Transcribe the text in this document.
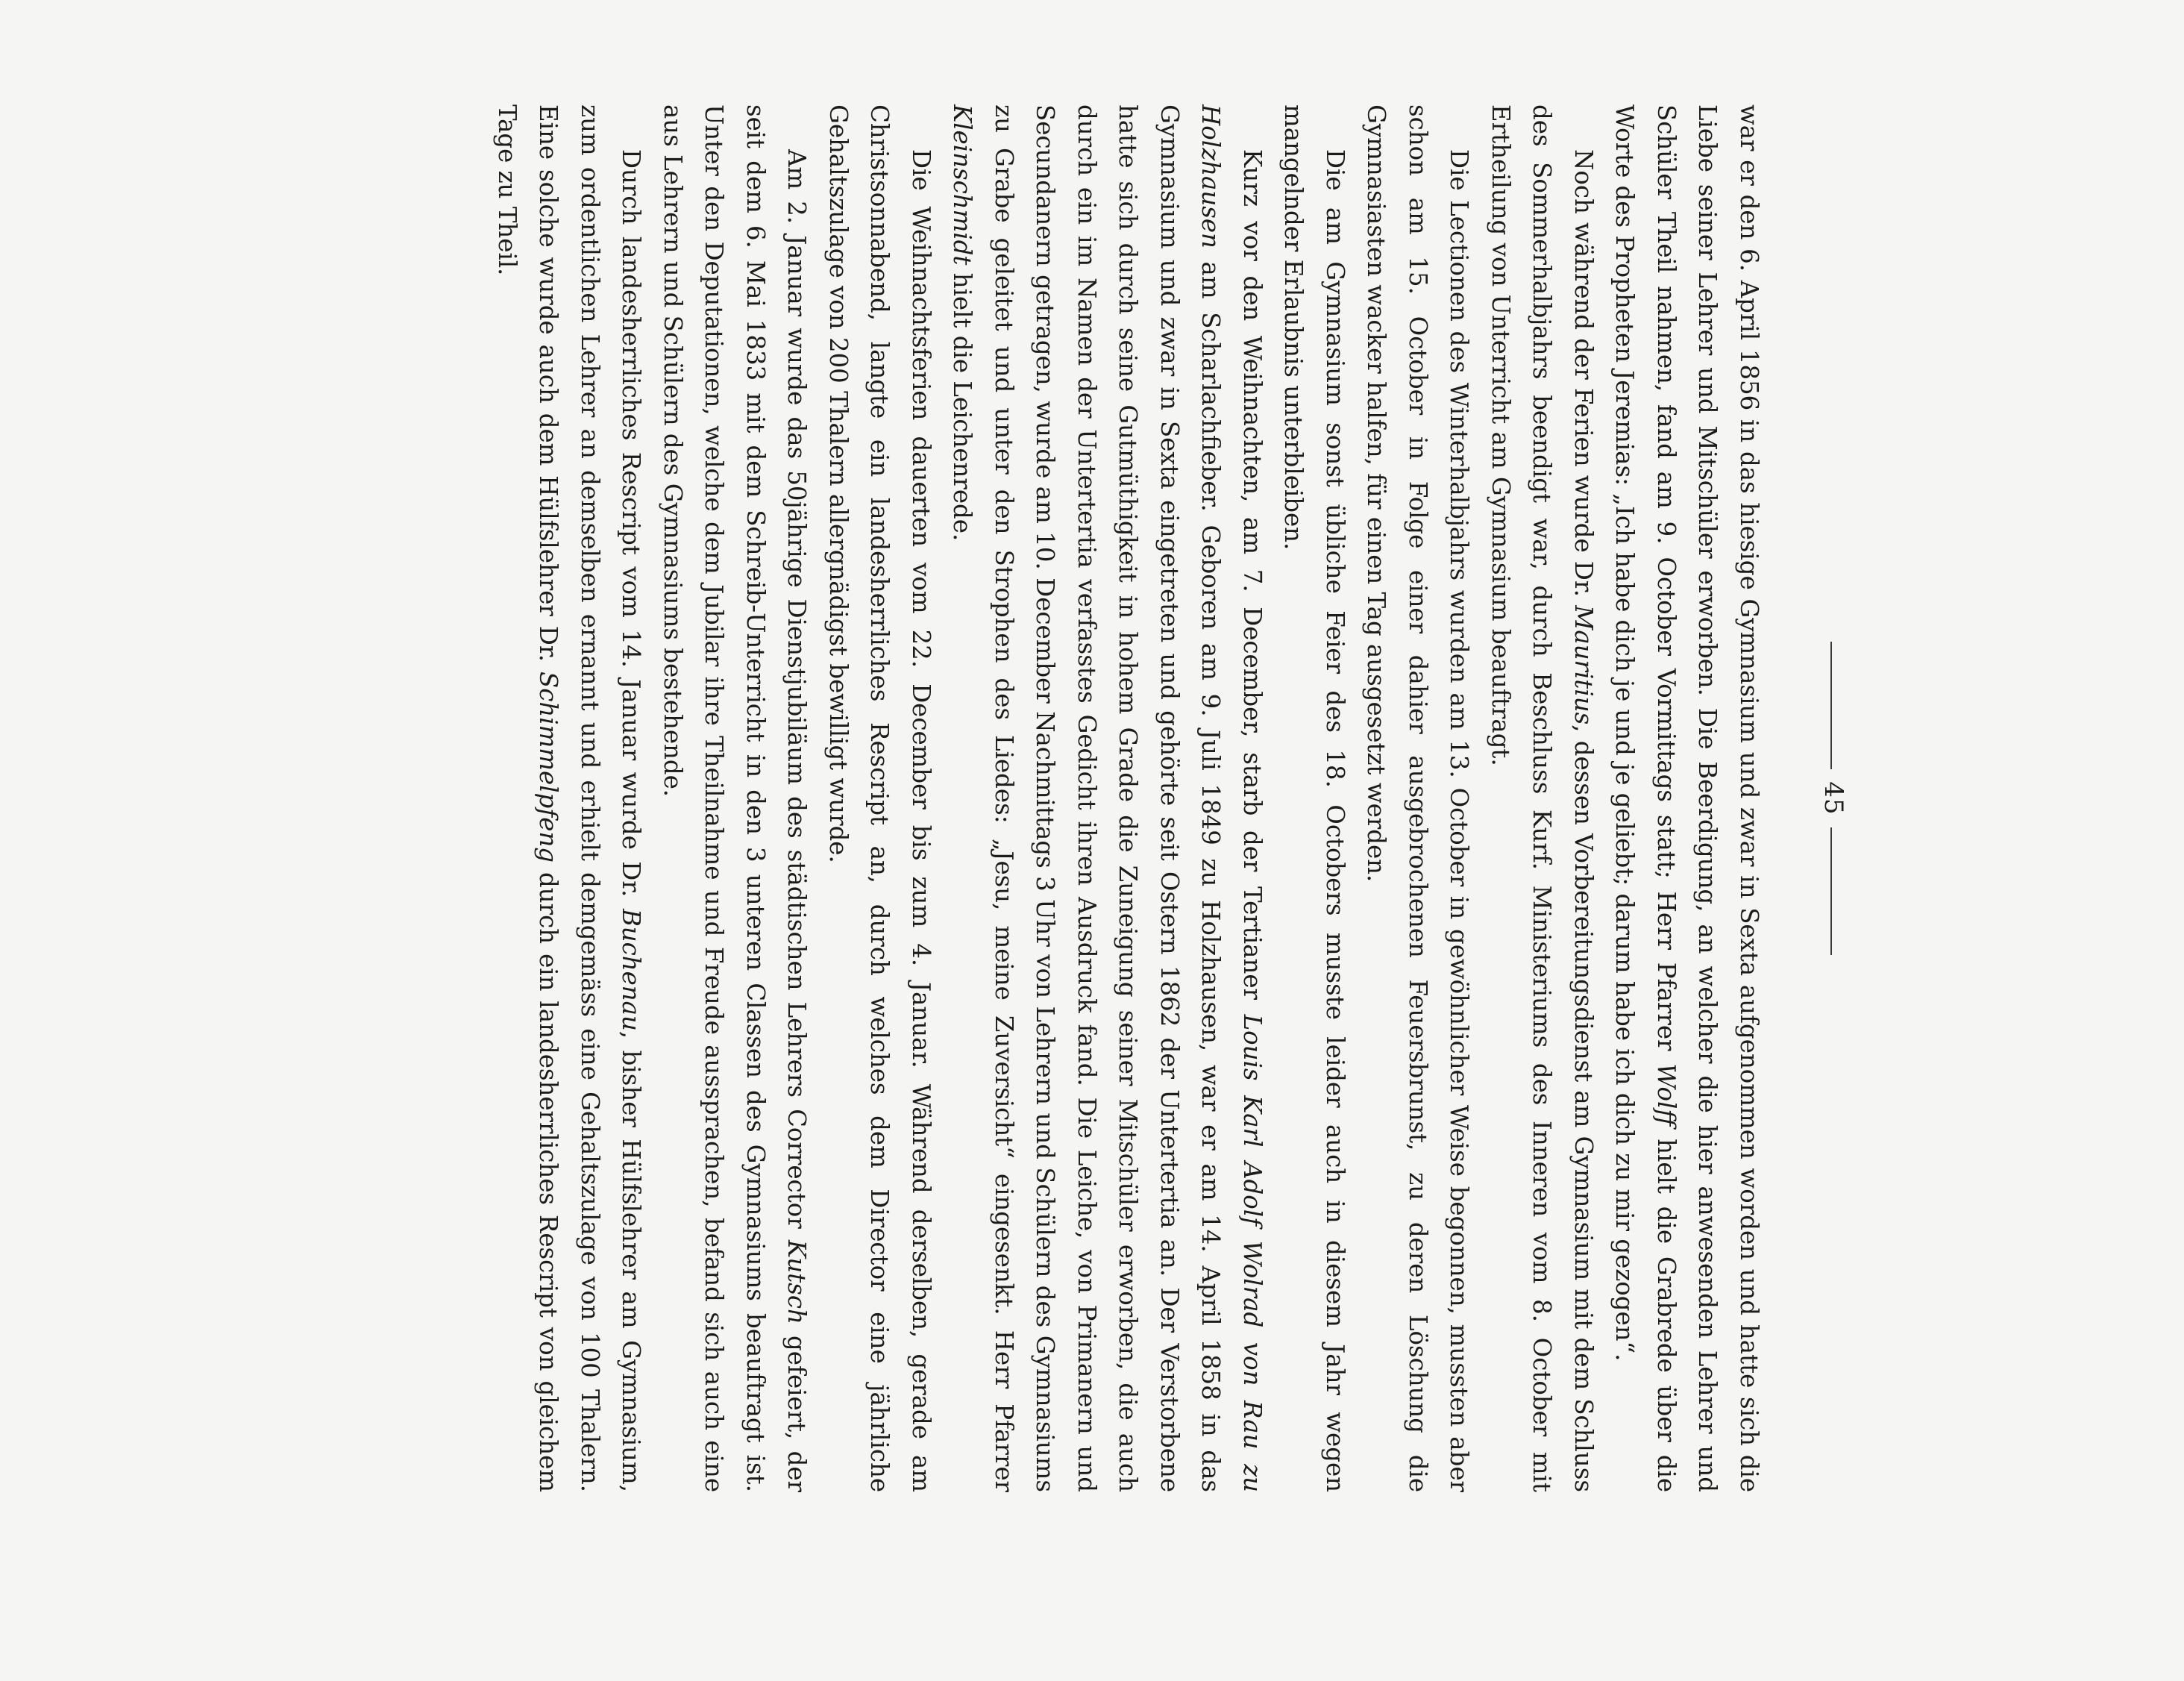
45

war er den 6. April 1856 in das hiesige Gymnasium und zwar in Sexta aufgenommen worden und hatte sich die Liebe seiner Lehrer und Mitschüler erworben. Die Beerdigung, an welcher die hier anwesenden Lehrer und Schüler Theil nahmen, fand am 9. October Vormittags statt; Herr Pfarrer Wolff hielt die Grabrede über die Worte des Propheten Jeremias: „Ich habe dich je und je geliebt; darum habe ich dich zu mir gezogen“.

Noch während der Ferien wurde Dr. Mauritius, dessen Vorbereitungsdienst am Gymnasium mit dem Schluss des Sommerhalbjahrs beendigt war, durch Beschluss Kurf. Ministeriums des Inneren vom 8. October mit Ertheilung von Unterricht am Gymnasium beauftragt.

Die Lectionen des Winterhalbjahrs wurden am 13. October in gewöhnlicher Weise begonnen, mussten aber schon am 15. October in Folge einer dahier ausgebrochenen Feuersbrunst, zu deren Löschung die Gymnasiasten wacker halfen, für einen Tag ausgesetzt werden.

Die am Gymnasium sonst übliche Feier des 18. Octobers musste leider auch in diesem Jahr wegen mangelnder Erlaubnis unterbleiben.

Kurz vor den Weihnachten, am 7. December, starb der Tertianer Louis Karl Adolf Wolrad von Rau zu Holzhausen am Scharlachfieber. Geboren am 9. Juli 1849 zu Holzhausen, war er am 14. April 1858 in das Gymnasium und zwar in Sexta eingetreten und gehörte seit Ostern 1862 der Untertertia an. Der Verstorbene hatte sich durch seine Gutmüthigkeit in hohem Grade die Zuneigung seiner Mitschüler erworben, die auch durch ein im Namen der Untertertia verfasstes Gedicht ihren Ausdruck fand. Die Leiche, von Primanern und Secundanern getragen, wurde am 10. December Nachmittags 3 Uhr von Lehrern und Schülern des Gymnasiums zu Grabe geleitet und unter den Strophen des Liedes: „Jesu, meine Zuversicht“ eingesenkt. Herr Pfarrer Kleinschmidt hielt die Leichenrede.

Die Weihnachtsferien dauerten vom 22. December bis zum 4. Januar. Während derselben, gerade am Christsonnabend, langte ein landesherrliches Rescript an, durch welches dem Director eine jährliche Gehaltszulage von 200 Thalern allergnädigst bewilligt wurde.

Am 2. Januar wurde das 50jährige Dienstjubiläum des städtischen Lehrers Corrector Kutsch gefeiert, der seit dem 6. Mai 1833 mit dem Schreib-Unterricht in den 3 unteren Classen des Gymnasiums beauftragt ist. Unter den Deputationen, welche dem Jubilar ihre Theilnahme und Freude aussprachen, befand sich auch eine aus Lehrern und Schülern des Gymnasiums bestehende.

Durch landesherrliches Rescript vom 14. Januar wurde Dr. Buchenau, bisher Hülfslehrer am Gymnasium, zum ordentlichen Lehrer an demselben ernannt und erhielt demgemäss eine Gehaltszulage von 100 Thalern. Eine solche wurde auch dem Hülfslehrer Dr. Schimmelpfeng durch ein landesherrliches Rescript von gleichem Tage zu Theil.
